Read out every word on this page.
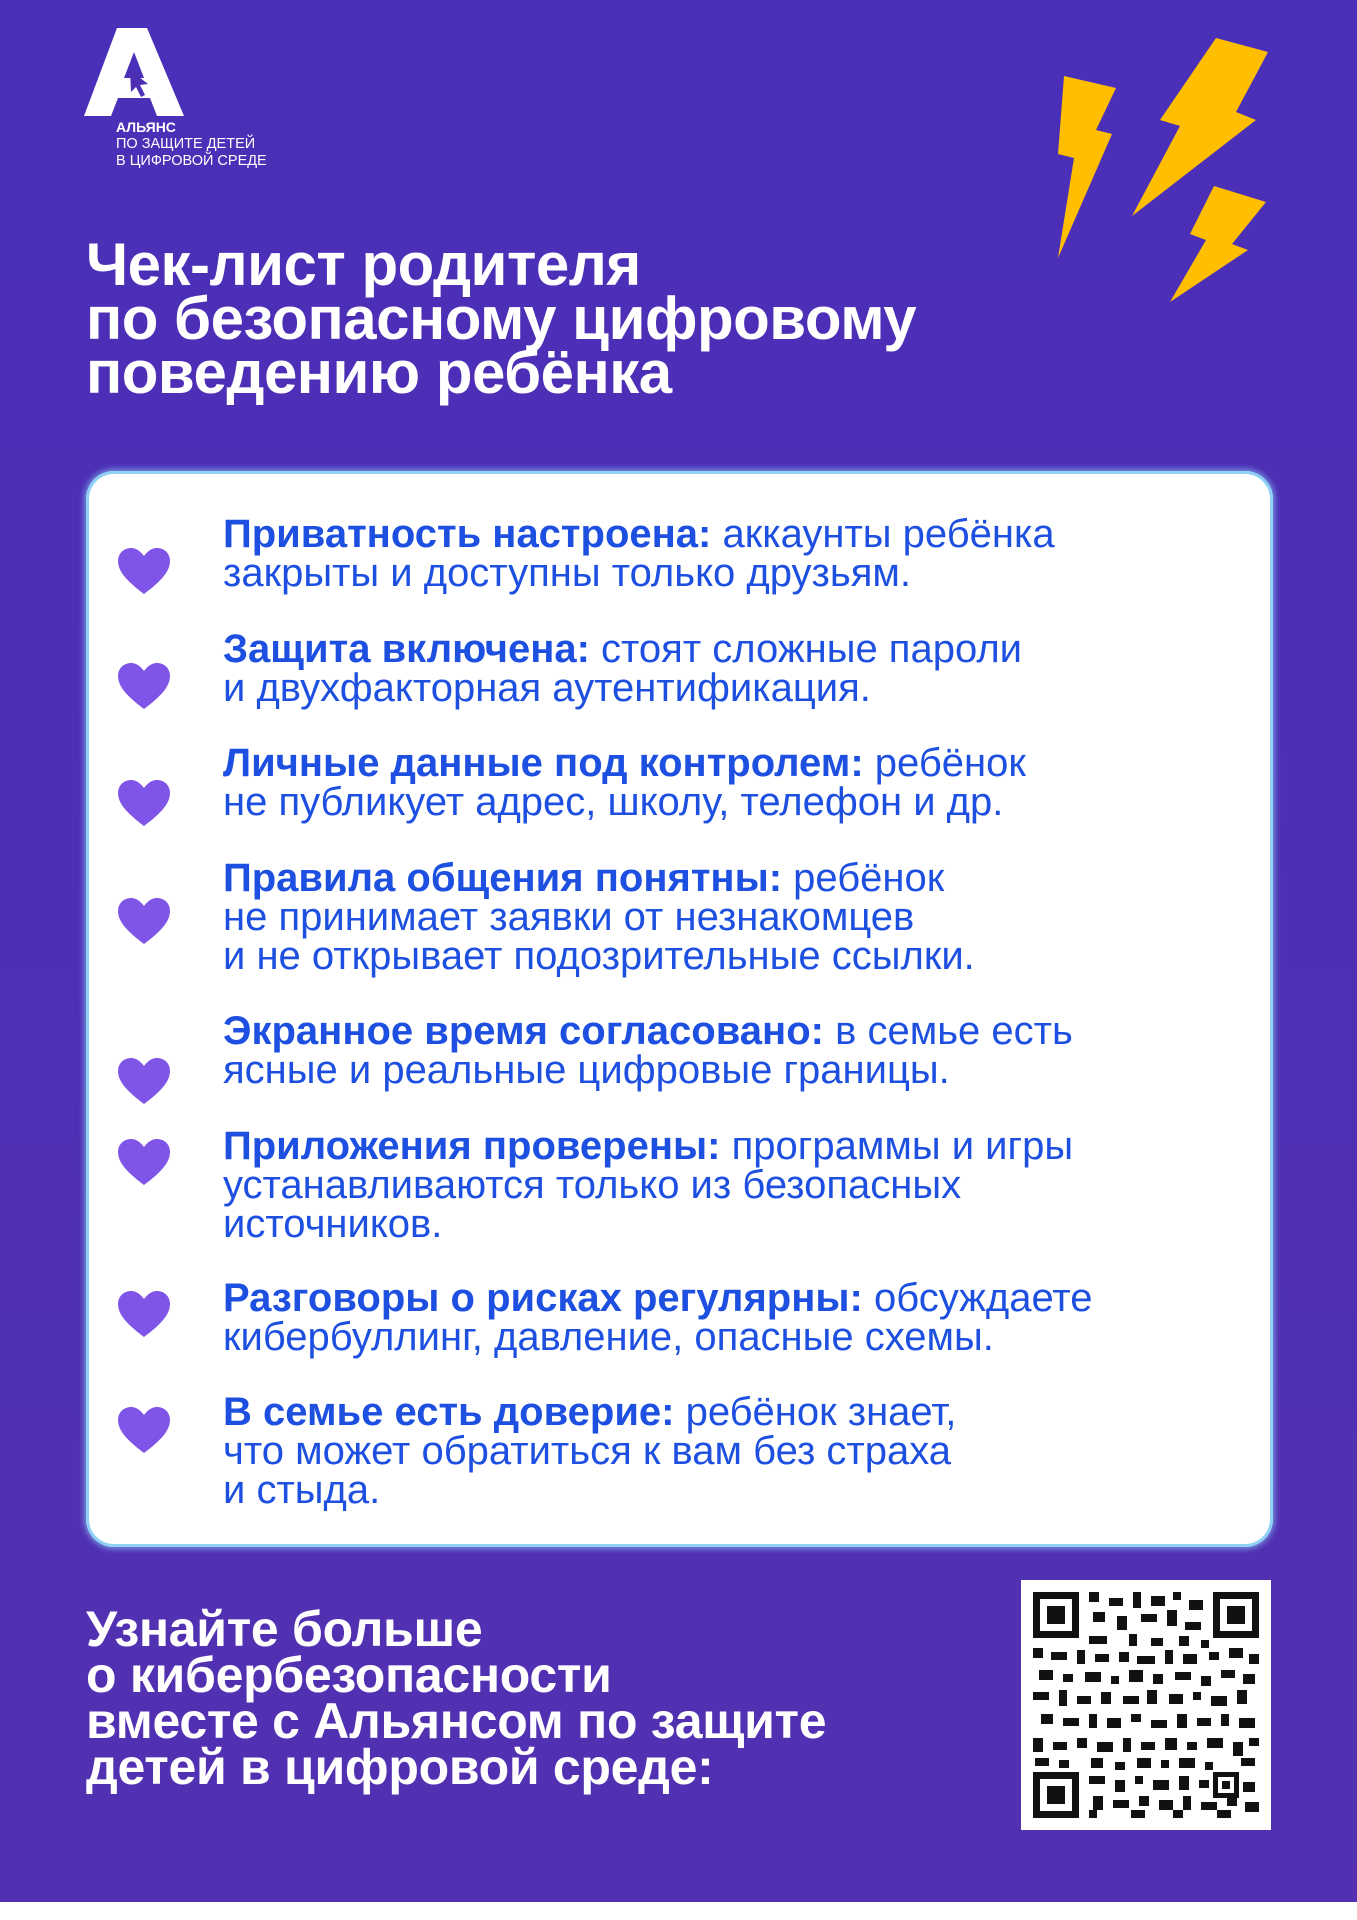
АЛЬЯНС
ПО ЗАЩИТЕ ДЕТЕЙ
В ЦИФРОВОЙ СРЕДЕ
Чек-лист родителя
по безопасному цифровому
поведению ребёнка

Приватность настроена: аккаунты ребёнка
закрыты и доступны только друзьям.

Защита включена: стоят сложные пароли
и двухфакторная аутентификация.

Личные данные под контролем: ребёнок
не публикует адрес, школу, телефон и др.

Правила общения понятны: ребёнок
не принимает заявки от незнакомцев
и не открывает подозрительные ссылки.

Экранное время согласовано: в семье есть
ясные и реальные цифровые границы.

Приложения проверены: программы и игры
устанавливаются только из безопасных
источников.

Разговоры о рисках регулярны: обсуждаете
кибербуллинг, давление, опасные схемы.

В семье есть доверие: ребёнок знает,
что может обратиться к вам без страха
и стыда.

Узнайте больше
о кибербезопасности
вместе с Альянсом по защите
детей в цифровой среде:
